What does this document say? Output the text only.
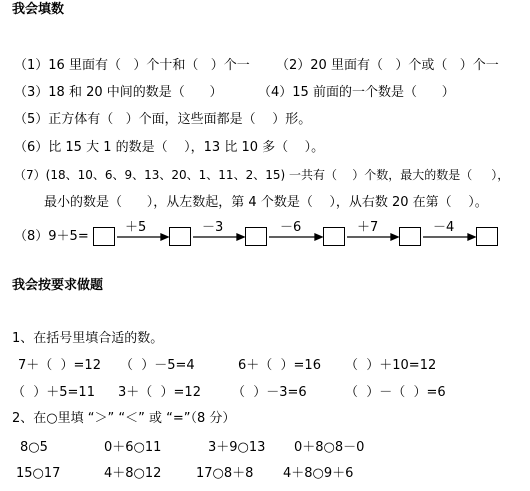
我会填数
（1）16 里面有（   ）个十和（   ）个一 （2）20 里面有（   ）个或（   ）个一
（3）18 和 20 中间的数是（      ）	（4）15 前面的一个数是（      ）
（5）正方体有（   ）个面，这些面都是（    ）形。
（6）比 15 大 1 的数是（    ），13 比 10 多（    ）。
（7）(18、10、6、9、13、20、1、11、2、15) 一共有（    ）个数，最大的数是（     ），
最小的数是（      ），从左数起，第 4 个数是（    ），从右数 20 在第（    ）。
（8）9＋5=
＋5	－3	－6	＋7	－4
我会按要求做题
1、在括号里填合适的数。
7＋（  ）=12 （  ）－5=4	6＋（  ）=16 （  ）＋10=12
（  ）＋5=11 3＋（  ）=12 （  ）－3=6	（  ）－（  ）=6
2、在○里填 “＞” “＜” 或 “=”（8 分）
8○5	0＋6○11	3＋9○13 0＋8○8－0
15○17	4＋8○12	17○8＋8 4＋8○9＋6
